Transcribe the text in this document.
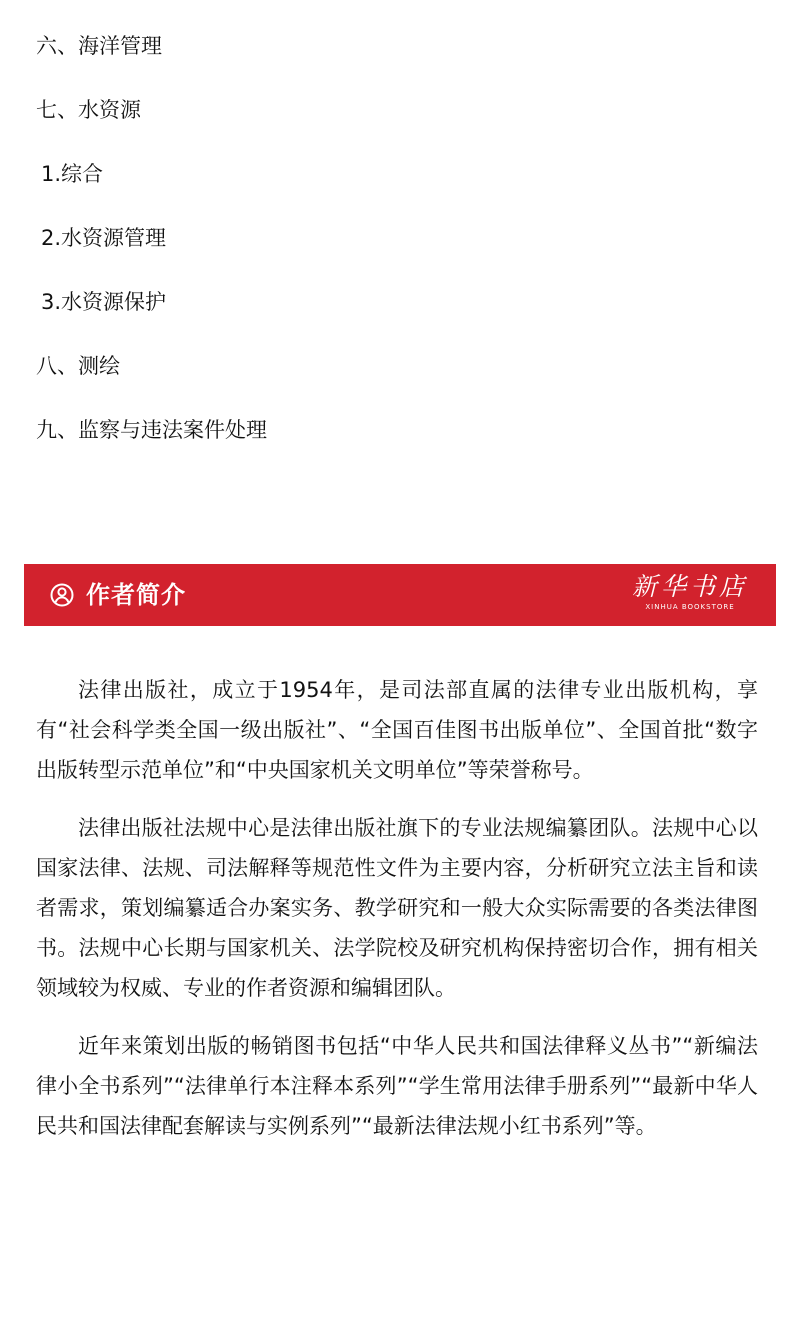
六、海洋管理
七、水资源
1.综合
2.水资源管理
3.水资源保护
八、测绘
九、监察与违法案件处理
作者简介	新华书店
XINHUA BOOKSTORE

法律出版社，成立于1954年，是司法部直属的法律专业出版机构，享有“社会科学类全国一级出版社”、“全国百佳图书出版单位”、全国首批“数字出版转型示范单位”和“中央国家机关文明单位”等荣誉称号。

法律出版社法规中心是法律出版社旗下的专业法规编纂团队。法规中心以国家法律、法规、司法解释等规范性文件为主要内容，分析研究立法主旨和读者需求，策划编纂适合办案实务、教学研究和一般大众实际需要的各类法律图书。法规中心长期与国家机关、法学院校及研究机构保持密切合作，拥有相关领域较为权威、专业的作者资源和编辑团队。

近年来策划出版的畅销图书包括“中华人民共和国法律释义丛书”“新编法律小全书系列”“法律单行本注释本系列”“学生常用法律手册系列”“最新中华人民共和国法律配套解读与实例系列”“最新法律法规小红书系列”等。
